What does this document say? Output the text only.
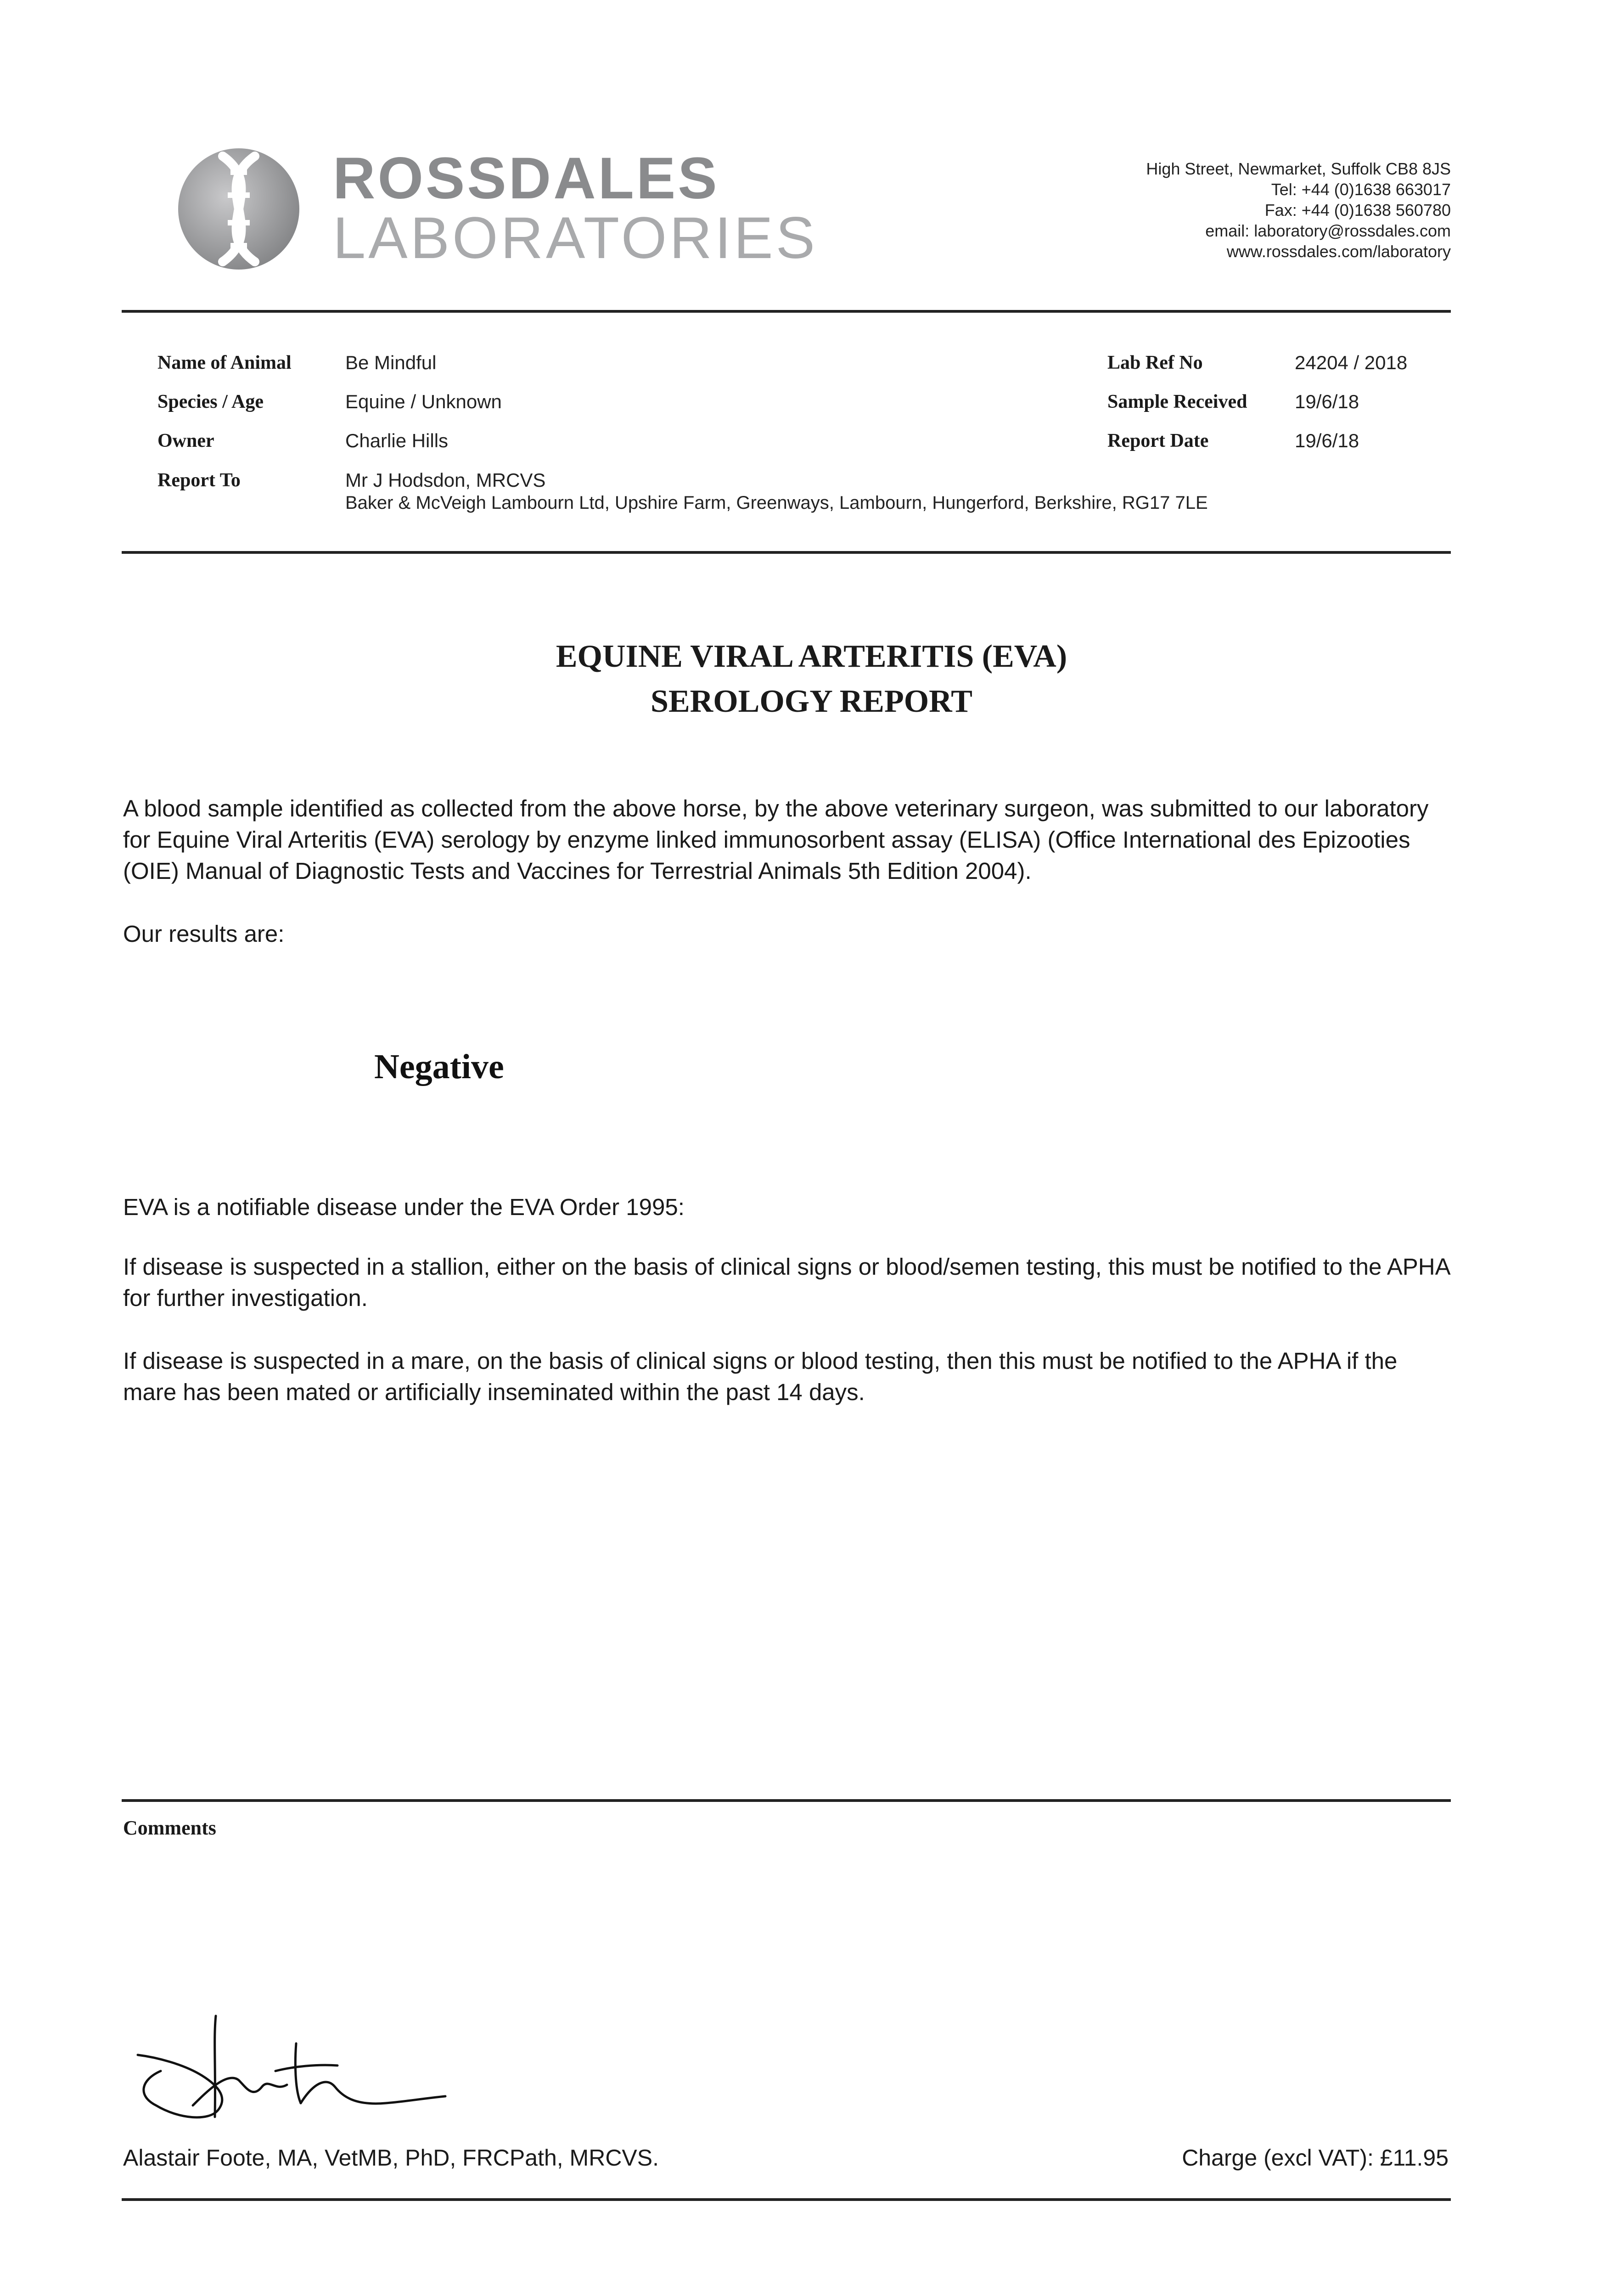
ROSSDALES
LABORATORIES
High Street, Newmarket, Suffolk CB8 8JS
Tel: +44 (0)1638 663017
Fax: +44 (0)1638 560780
email: laboratory@rossdales.com
www.rossdales.com/laboratory
Name of Animal	Be Mindful
Species / Age	Equine / Unknown
Owner	Charlie Hills
Report To	Mr J Hodsdon, MRCVS
Baker & McVeigh Lambourn Ltd, Upshire Farm, Greenways, Lambourn, Hungerford, Berkshire, RG17 7LE
Lab Ref No	24204 / 2018
Sample Received 19/6/18
Report Date	19/6/18
EQUINE VIRAL ARTERITIS (EVA)
SEROLOGY REPORT
A blood sample identified as collected from the above horse, by the above veterinary surgeon, was submitted to our laboratory for Equine Viral Arteritis (EVA) serology by enzyme linked immunosorbent assay (ELISA) (Office International des Epizooties (OIE) Manual of Diagnostic Tests and Vaccines for Terrestrial Animals 5th Edition 2004).
Our results are:
Negative
EVA is a notifiable disease under the EVA Order 1995:
If disease is suspected in a stallion, either on the basis of clinical signs or blood/semen testing, this must be notified to the APHA for further investigation.
If disease is suspected in a mare, on the basis of clinical signs or blood testing, then this must be notified to the APHA if the mare has been mated or artificially inseminated within the past 14 days.
Comments
Alastair Foote, MA, VetMB, PhD, FRCPath, MRCVS.	Charge (excl VAT): £11.95
